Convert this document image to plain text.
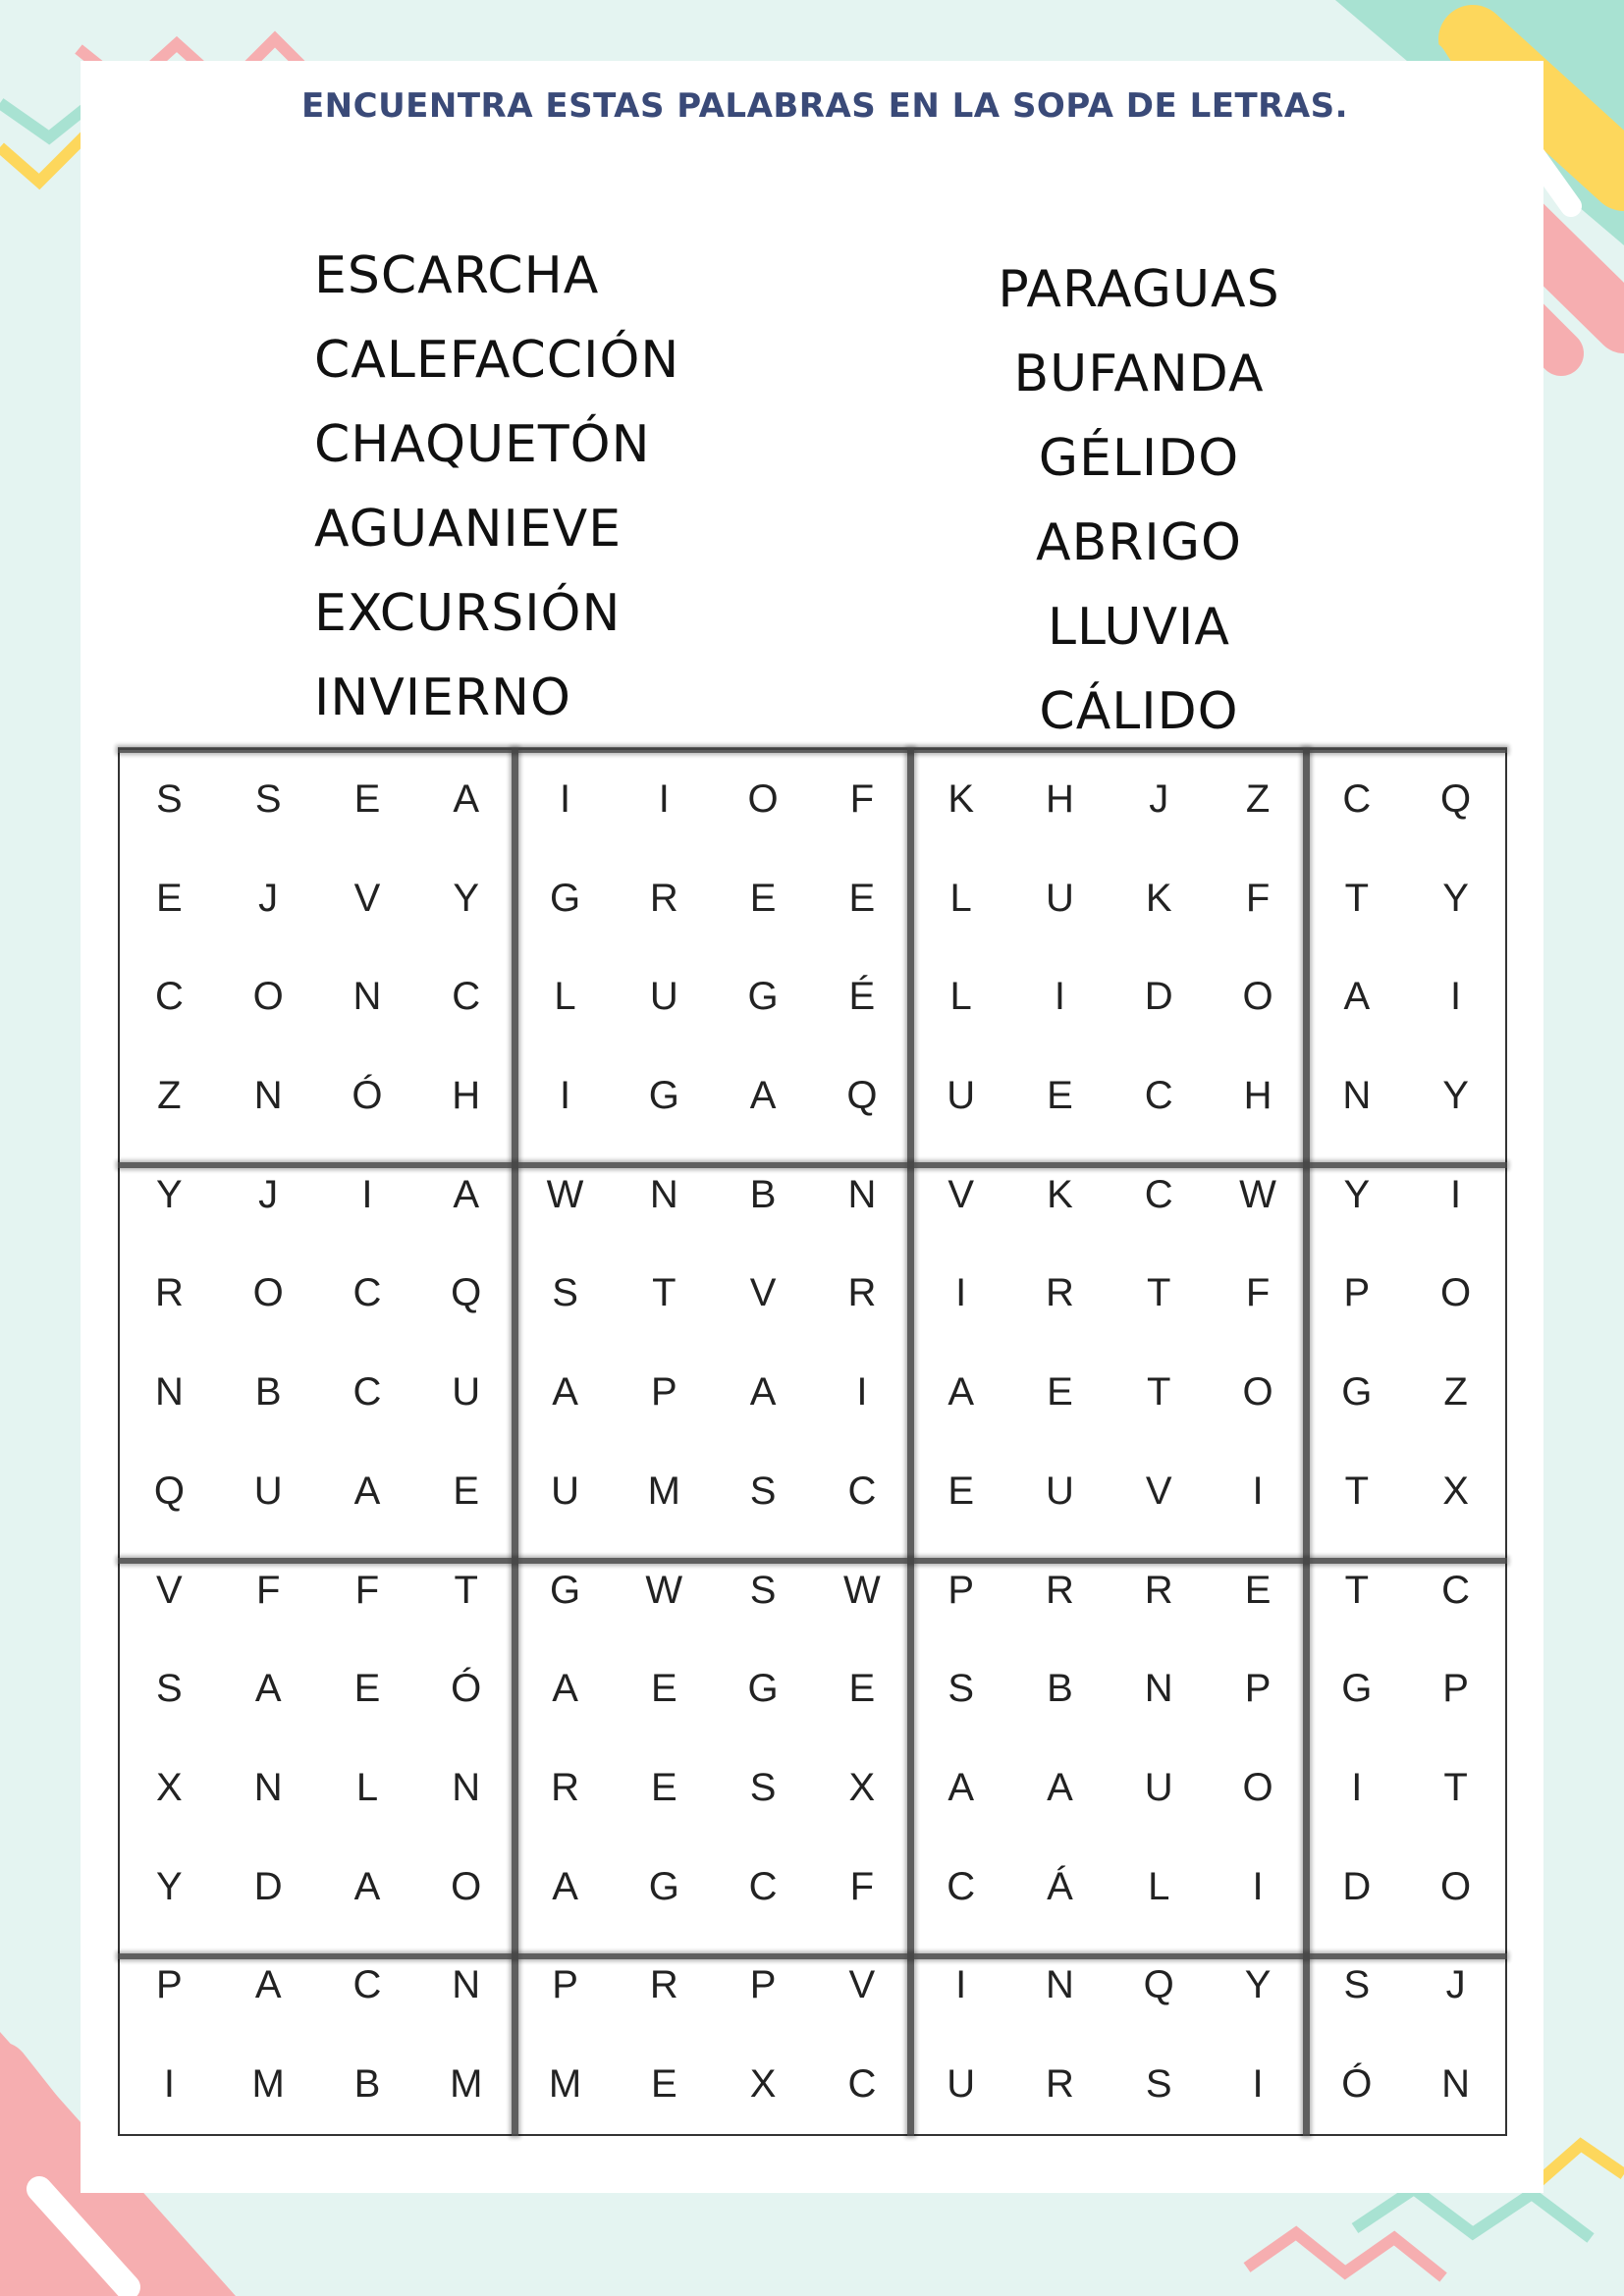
ENCUENTRA ESTAS PALABRAS EN LA SOPA DE LETRAS.
ESCARCHA
CALEFACCIÓN
CHAQUETÓN
AGUANIEVE
EXCURSIÓN
INVIERNO
PARAGUAS
BUFANDA
GÉLIDO
ABRIGO
LLUVIA
CÁLIDO
S	S	E	A	I	I	O	F	K	H	J	Z	C	Q
E	J	V	Y	G	R	E	E	L	U	K	F	T	Y
C	O	N	C	L	U	G	É	L	I	D	O	A	I
Z	N	Ó	H	I	G	A	Q	U	E	C	H	N	Y
Y	J	I	A	W	N	B	N	V	K	C	W	Y	I
R	O	C	Q	S	T	V	R	I	R	T	F	P	O
N	B	C	U	A	P	A	I	A	E	T	O	G	Z
Q	U	A	E	U	M	S	C	E	U	V	I	T	X
V	F	F	T	G	W	S	W	P	R	R	E	T	C
S	A	E	Ó	A	E	G	E	S	B	N	P	G	P
X	N	L	N	R	E	S	X	A	A	U	O	I	T
Y	D	A	O	A	G	C	F	C	Á	L	I	D	O
P	A	C	N	P	R	P	V	I	N	Q	Y	S	J
I	M	B	M	M	E	X	C	U	R	S	I	Ó	N
